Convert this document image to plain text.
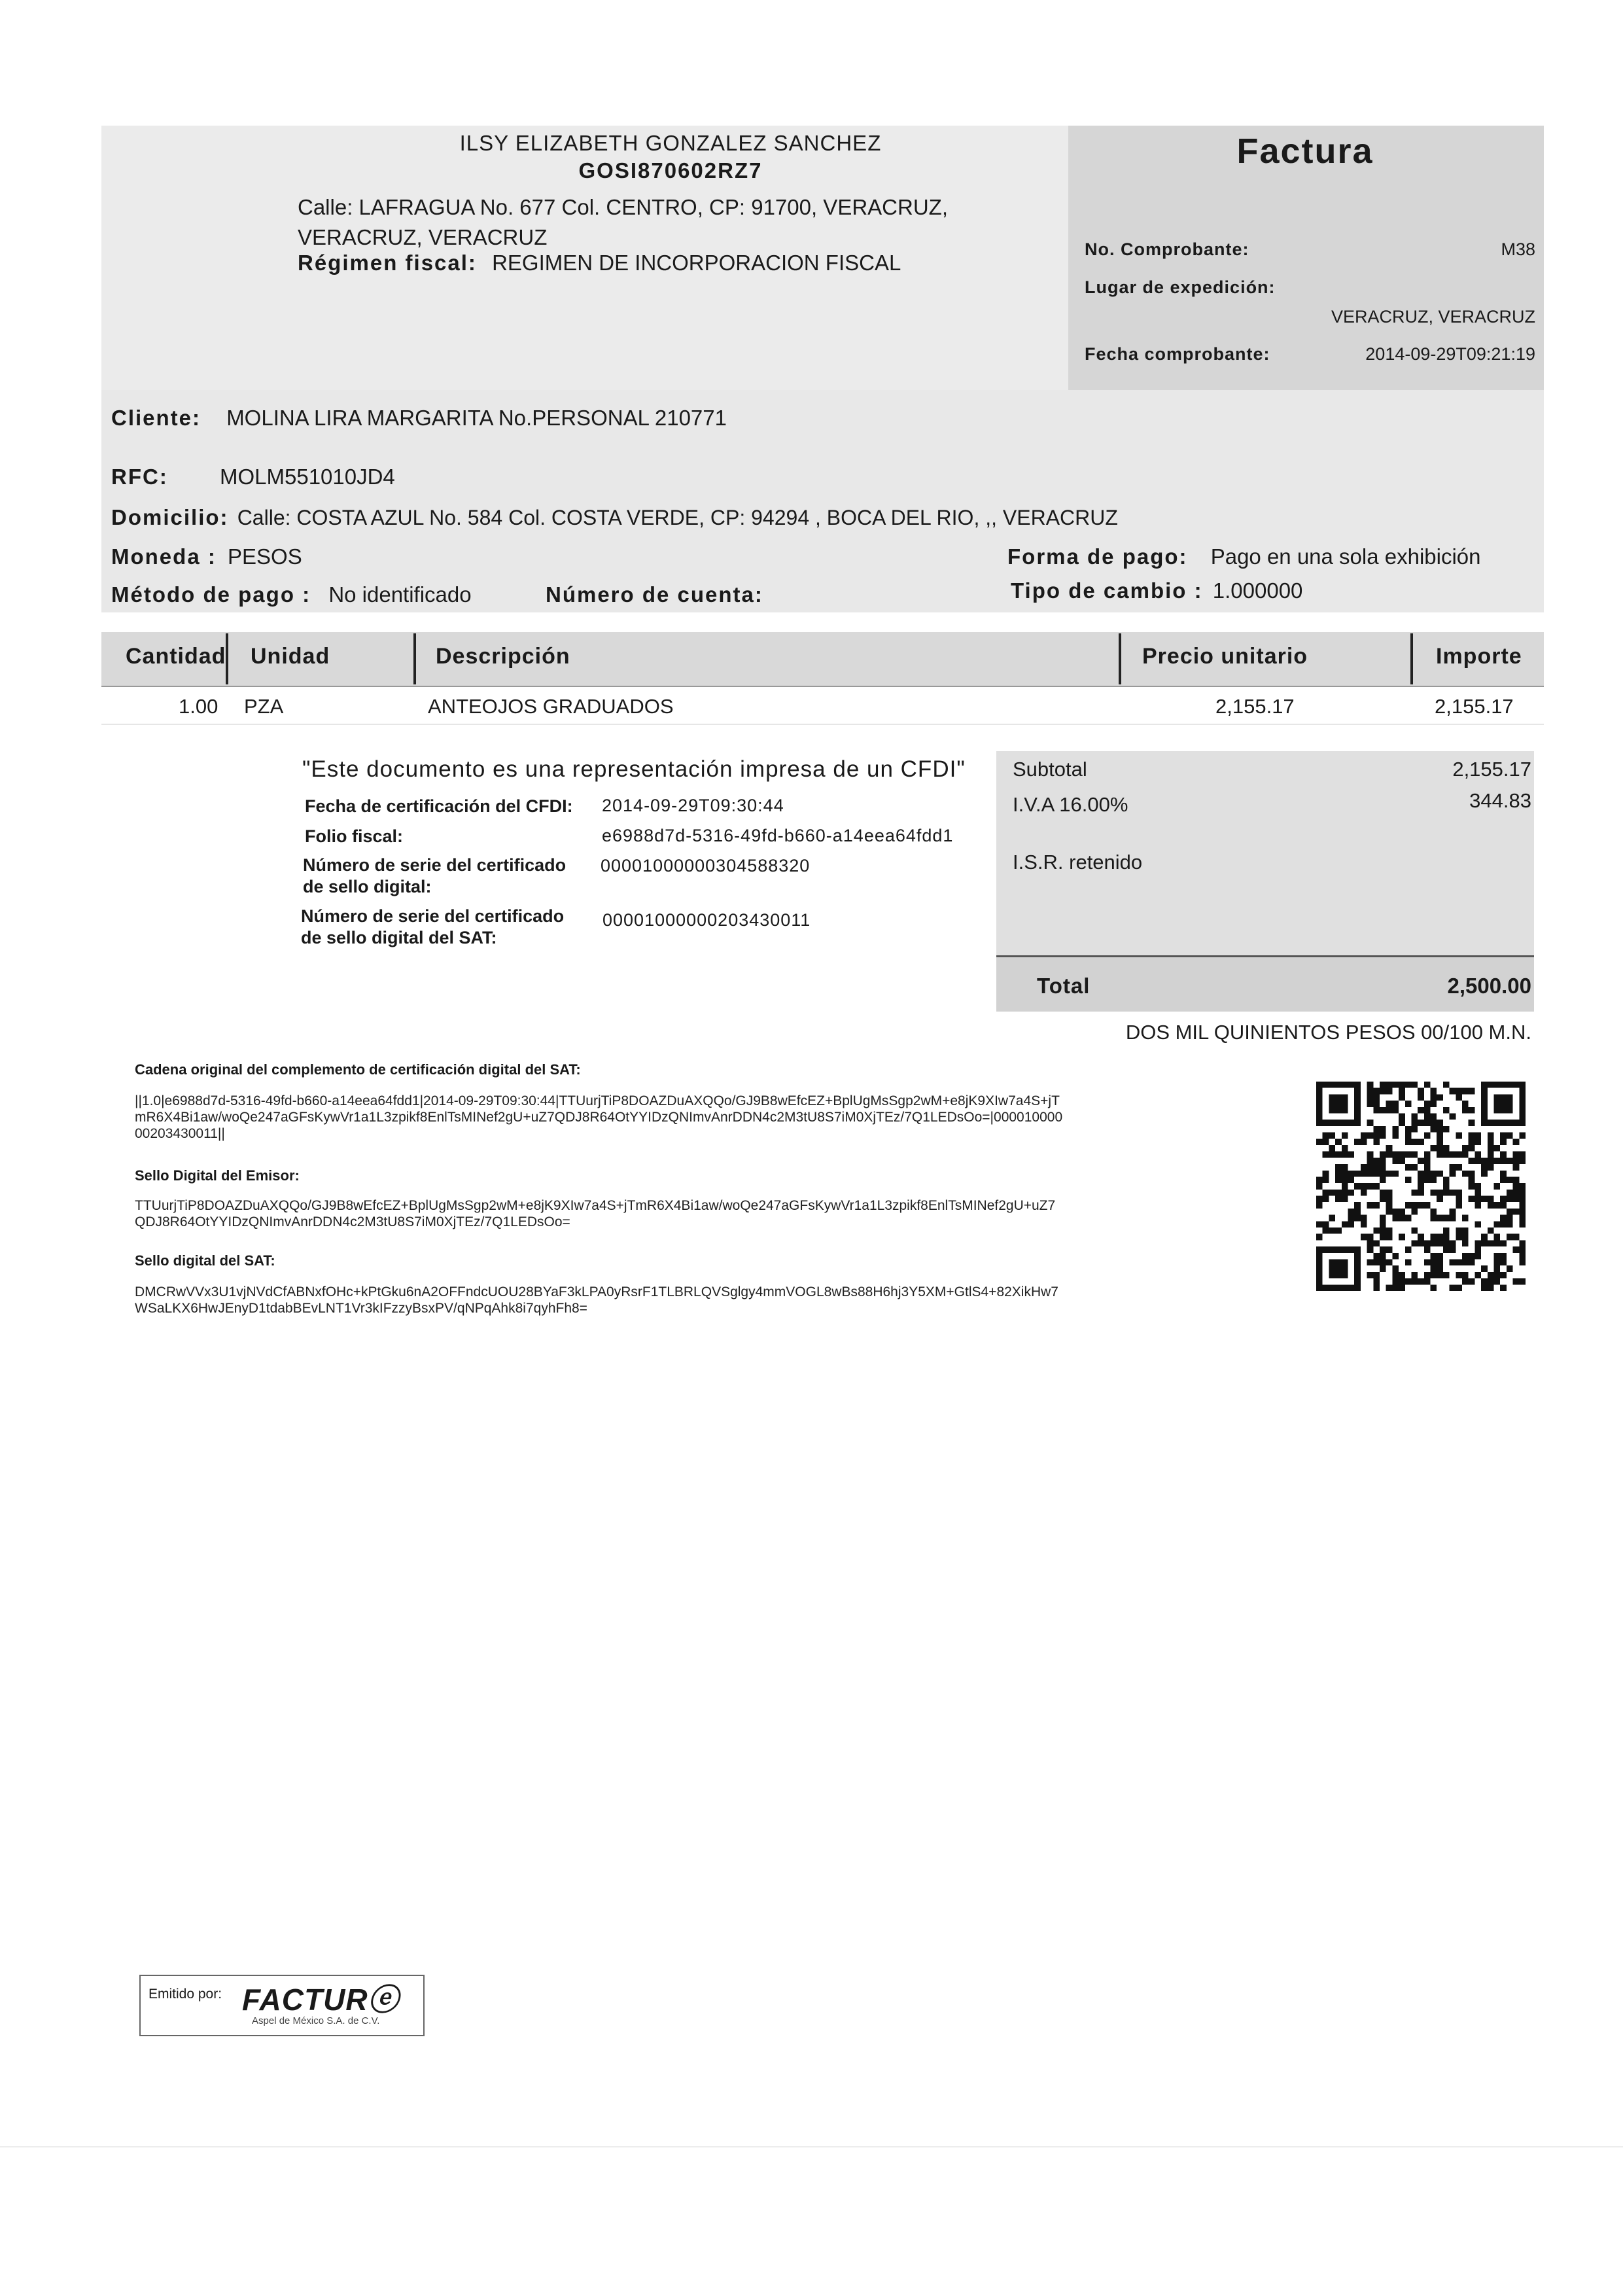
ILSY ELIZABETH GONZALEZ SANCHEZ
GOSI870602RZ7
Calle: LAFRAGUA No. 677 Col. CENTRO, CP: 91700, VERACRUZ, VERACRUZ, VERACRUZ
Régimen fiscal: REGIMEN DE INCORPORACION FISCAL
Factura
No. Comprobante:	M38
Lugar de expedición:
VERACRUZ, VERACRUZ
Fecha comprobante:	2014-09-29T09:21:19
Cliente: MOLINA LIRA MARGARITA No.PERSONAL 210771
RFC: MOLM551010JD4
Domicilio: Calle: COSTA AZUL No. 584 Col. COSTA VERDE, CP: 94294 , BOCA DEL RIO, ,, VERACRUZ
Moneda : PESOS	Forma de pago: Pago en una sola exhibición
Método de pago : No identificado	Número de cuenta:	Tipo de cambio : 1.000000
Cantidad Unidad	Descripción	Precio unitario	Importe
1.00 PZA	ANTEOJOS GRADUADOS	2,155.17	2,155.17
"Este documento es una representación impresa de un CFDI"
Fecha de certificación del CFDI: 2014-09-29T09:30:44
Folio fiscal:	e6988d7d-5316-49fd-b660-a14eea64fdd1
Número de serie del certificado de sello digital:
00001000000304588320
Número de serie del certificado de sello digital del SAT:
00001000000203430011
Subtotal	2,155.17
I.V.A 16.00%	344.83
I.S.R. retenido
Total	2,500.00
DOS MIL QUINIENTOS PESOS 00/100 M.N.
Cadena original del complemento de certificación digital del SAT:
||1.0|e6988d7d-5316-49fd-b660-a14eea64fdd1|2014-09-29T09:30:44|TTUurjTiP8DOAZDuAXQQo/GJ9B8wEfcEZ+BplUgMsSgp2wM+e8jK9XIw7a4S+jTmR6X4Bi1aw/woQe247aGFsKywVr1a1L3zpikf8EnlTsMINef2gU+uZ7QDJ8R64OtYYIDzQNImvAnrDDN4c2M3tU8S7iM0XjTEz/7Q1LEDsOo=|00001000000203430011||
Sello Digital del Emisor:
TTUurjTiP8DOAZDuAXQQo/GJ9B8wEfcEZ+BplUgMsSgp2wM+e8jK9XIw7a4S+jTmR6X4Bi1aw/woQe247aGFsKywVr1a1L3zpikf8EnlTsMINef2gU+uZ7QDJ8R64OtYYIDzQNImvAnrDDN4c2M3tU8S7iM0XjTEz/7Q1LEDsOo=
Sello digital del SAT:
DMCRwVVx3U1vjNVdCfABNxfOHc+kPtGku6nA2OFFndcUOU28BYaF3kLPA0yRsrF1TLBRLQVSglgy4mmVOGL8wBs88H6hj3Y5XM+GtlS4+82XikHw7WSaLKX6HwJEnyD1tdabBEvLNT1Vr3kIFzzyBsxPV/qNPqAhk8i7qyhFh8=
Emitido por: FACTURⓔ
Aspel de México S.A. de C.V.
